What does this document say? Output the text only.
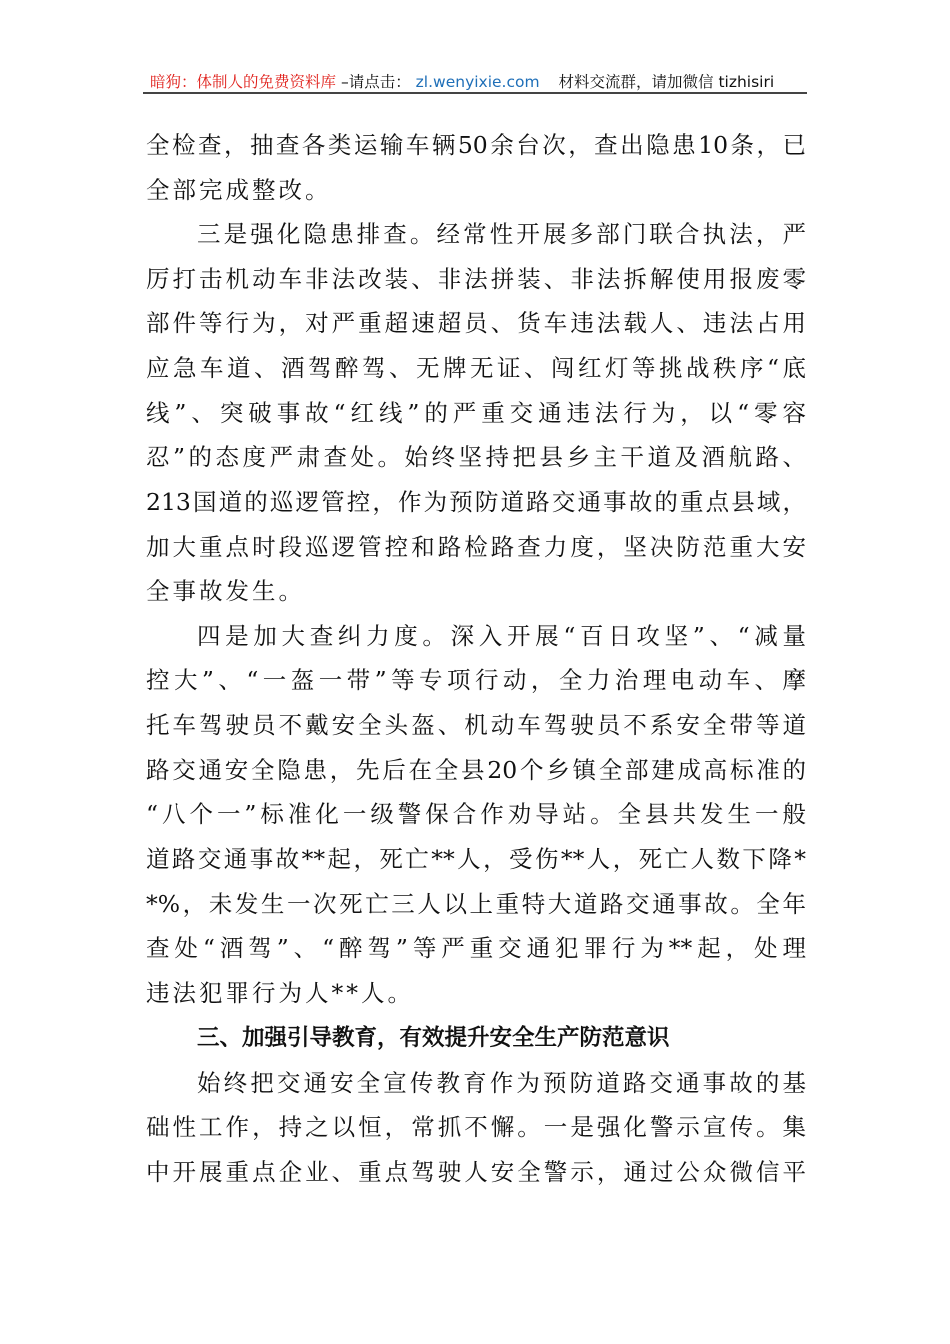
暗狗：体制人的免费资料库 –请点击： zl.wenyixie.com 材料交流群，请加微信 tizhisiri
全检查，抽查各类运输车辆50余台次，查出隐患10条，已
全部完成整改。
三是强化隐患排查。经常性开展多部门联合执法，严
厉打击机动车非法改装、非法拼装、非法拆解使用报废零
部件等行为，对严重超速超员、货车违法载人、违法占用
应急车道、酒驾醉驾、无牌无证、闯红灯等挑战秩序“底
线”、突破事故“红线”的严重交通违法行为，以“零容
忍”的态度严肃查处。始终坚持把县乡主干道及酒航路、
213国道的巡逻管控，作为预防道路交通事故的重点县域，
加大重点时段巡逻管控和路检路查力度，坚决防范重大安
全事故发生。
四是加大查纠力度。深入开展“百日攻坚”、“减量
控大”、“一盔一带”等专项行动，全力治理电动车、摩
托车驾驶员不戴安全头盔、机动车驾驶员不系安全带等道
路交通安全隐患，先后在全县20个乡镇全部建成高标准的
“八个一”标准化一级警保合作劝导站。全县共发生一般
道路交通事故**起，死亡**人，受伤**人，死亡人数下降*
*%，未发生一次死亡三人以上重特大道路交通事故。全年
查处“酒驾”、“醉驾”等严重交通犯罪行为**起，处理
违法犯罪行为人**人。
三、加强引导教育，有效提升安全生产防范意识
始终把交通安全宣传教育作为预防道路交通事故的基
础性工作，持之以恒，常抓不懈。一是强化警示宣传。集
中开展重点企业、重点驾驶人安全警示，通过公众微信平
